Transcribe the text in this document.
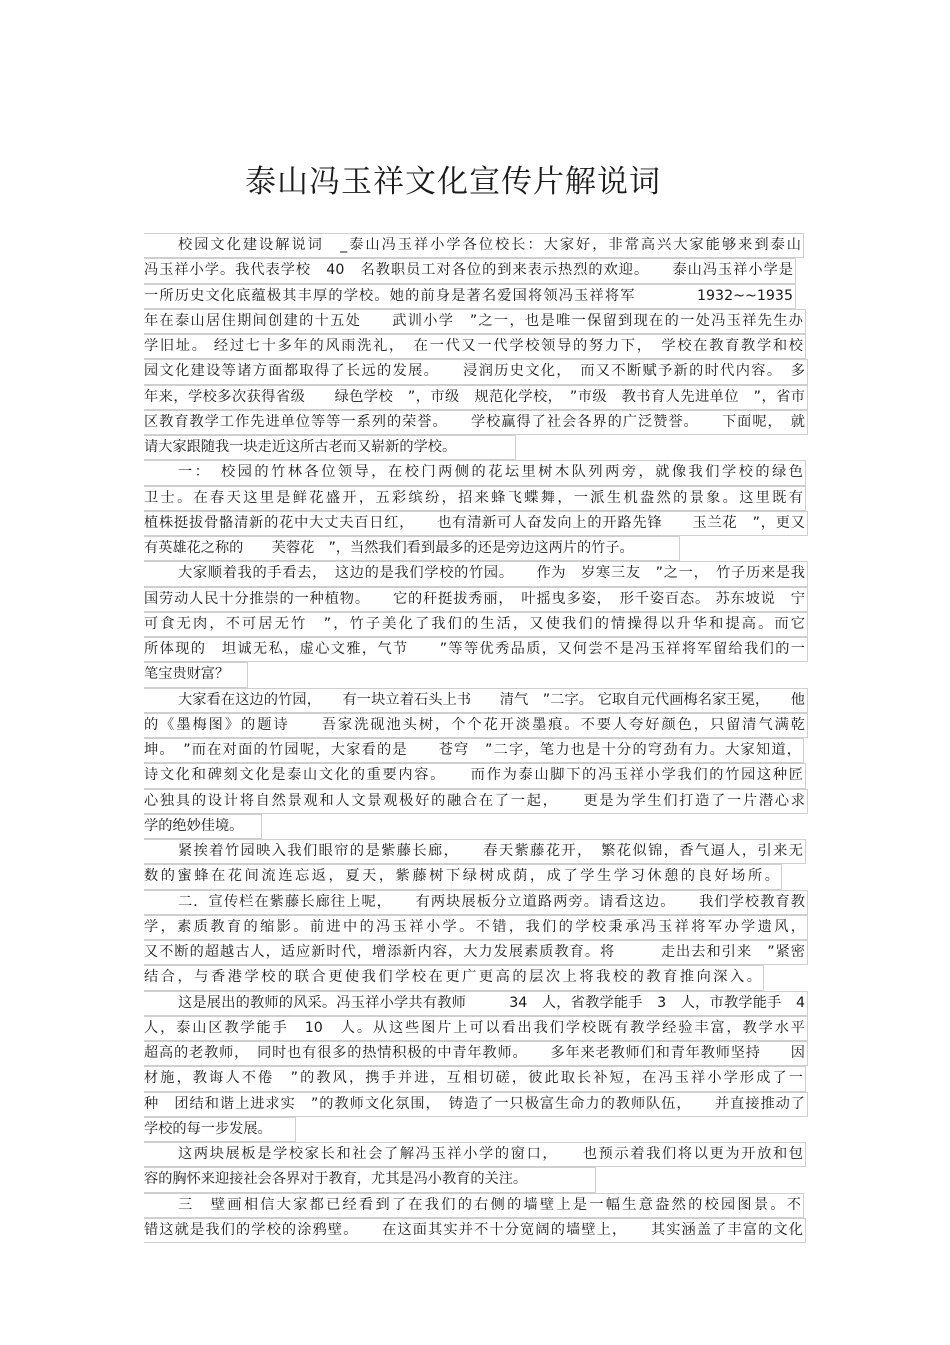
泰山冯玉祥文化宣传片解说词
校园文化建设解说词　_泰山冯玉祥小学各位校长：大家好，非常高兴大家能够来到泰山
冯玉祥小学。我代表学校　40　名教职员工对各位的到来表示热烈的欢迎。　　泰山冯玉祥小学是
一所历史文化底蕴极其丰厚的学校。她的前身是著名爱国将领冯玉祥将军　　　　1932~~1935
年在泰山居住期间创建的十五处　　武训小学　”之一，也是唯一保留到现在的一处冯玉祥先生办
学旧址。 经过七十多年的风雨洗礼，　在一代又一代学校领导的努力下，　学校在教育教学和校
园文化建设等诸方面都取得了长远的发展。　　浸润历史文化，　而又不断赋予新的时代内容。　多
年来，学校多次获得省级　　绿色学校　”，市级　规范化学校，　”市级　教书育人先进单位　”，省市
区教育教学工作先进单位等等一系列的荣誉。　　学校赢得了社会各界的广泛赞誉。　　下面呢，　就
请大家跟随我一块走近这所古老而又崭新的学校。
一：　校园的竹林各位领导，在校门两侧的花坛里树木队列两旁，就像我们学校的绿色
卫士。在春天这里是鲜花盛开，五彩缤纷，招来蜂飞蝶舞，一派生机盎然的景象。这里既有
植株挺拔骨骼清新的花中大丈夫百日红，　　也有清新可人奋发向上的开路先锋　　玉兰花　”，更又
有英雄花之称的　　芙蓉花　”，当然我们看到最多的还是旁边这两片的竹子。
大家顺着我的手看去，　这边的是我们学校的竹园。　　作为　岁寒三友　”之一，　竹子历来是我
国劳动人民十分推崇的一种植物。　　它的秆挺拔秀丽，　叶摇曳多姿，　形千姿百态。 苏东坡说　宁
可食无肉，不可居无竹　”，竹子美化了我们的生活，又使我们的情操得以升华和提高。而它
所体现的　坦诚无私，虚心文雅，气节　　”等等优秀品质，又何尝不是冯玉祥将军留给我们的一
笔宝贵财富？
大家看在这边的竹园，　　有一块立着石头上书　　清气　”二字。 它取自元代画梅名家王冕，　　他
的《墨梅图》的题诗　　吾家洗砚池头树，个个花开淡墨痕。不要人夸好颜色，只留清气满乾
坤。　”而在对面的竹园呢，大家看的是　　苍穹　”二字，笔力也是十分的穹劲有力。大家知道，
诗文化和碑刻文化是泰山文化的重要内容。　　而作为泰山脚下的冯玉祥小学我们的竹园这种匠
心独具的设计将自然景观和人文景观极好的融合在了一起，　　更是为学生们打造了一片潜心求
学的绝妙佳境。
紧挨着竹园映入我们眼帘的是紫藤长廊，　　春天紫藤花开，　繁花似锦，香气逼人，引来无
数的蜜蜂在花间流连忘返，夏天，紫藤树下绿树成荫，成了学生学习休憩的良好场所。
二．宣传栏在紫藤长廊往上呢，　　有两块展板分立道路两旁。请看这边。　　我们学校教育教
学，素质教育的缩影。前进中的冯玉祥小学。不错，我们的学校秉承冯玉祥将军办学遗风，
又不断的超越古人，适应新时代，增添新内容，大力发展素质教育。将　　　走出去和引来　”紧密
结合，与香港学校的联合更使我们学校在更广更高的层次上将我校的教育推向深入。
这是展出的教师的风采。冯玉祥小学共有教师　　　34　人，省教学能手　3　人，市教学能手　4
人，泰山区教学能手　10　人。从这些图片上可以看出我们学校既有教学经验丰富，教学水平
超高的老教师，　同时也有很多的热情积极的中青年教师。　　多年来老教师们和青年教师坚持　　因
材施，教诲人不倦　”的教风，携手并进，互相切磋，彼此取长补短，在冯玉祥小学形成了一
种　团结和谐上进求实　”的教师文化氛围，　铸造了一只极富生命力的教师队伍，　　并直接推动了
学校的每一步发展。
这两块展板是学校家长和社会了解冯玉祥小学的窗口，　　也预示着我们将以更为开放和包
容的胸怀来迎接社会各界对于教育，尤其是冯小教育的关注。
三　壁画相信大家都已经看到了在我们的右侧的墙壁上是一幅生意盎然的校园图景。不
错这就是我们的学校的涂鸦壁。　　在这面其实并不十分宽阔的墙壁上，　　其实涵盖了丰富的文化
